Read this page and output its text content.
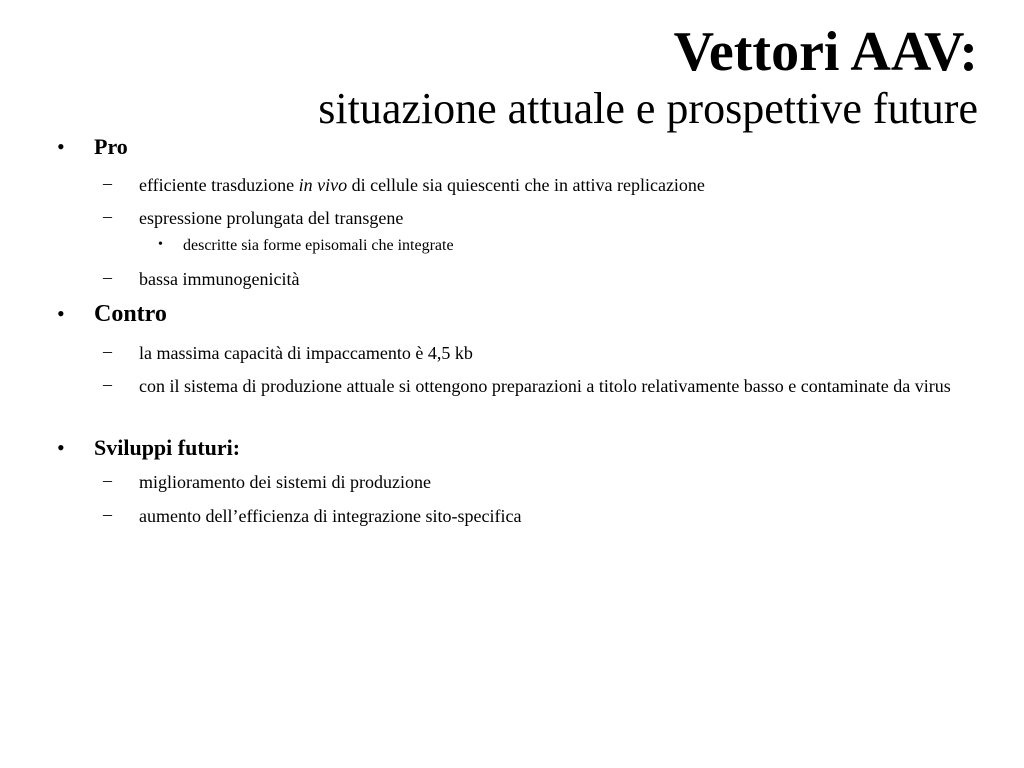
Vettori AAV:

situazione attuale e prospettive future

• Pro
– efficiente trasduzione in vivo di cellule sia quiescenti che in attiva replicazione
– espressione prolungata del transgene
• descritte sia forme episomali che integrate
– bassa immunogenicità
• Contro
– la massima capacità di impaccamento è 4,5 kb
– con il sistema di produzione attuale si ottengono preparazioni a titolo relativamente basso e contaminate da virus
• Sviluppi futuri:
– miglioramento dei sistemi di produzione
– aumento dell’efficienza di integrazione sito-specifica
